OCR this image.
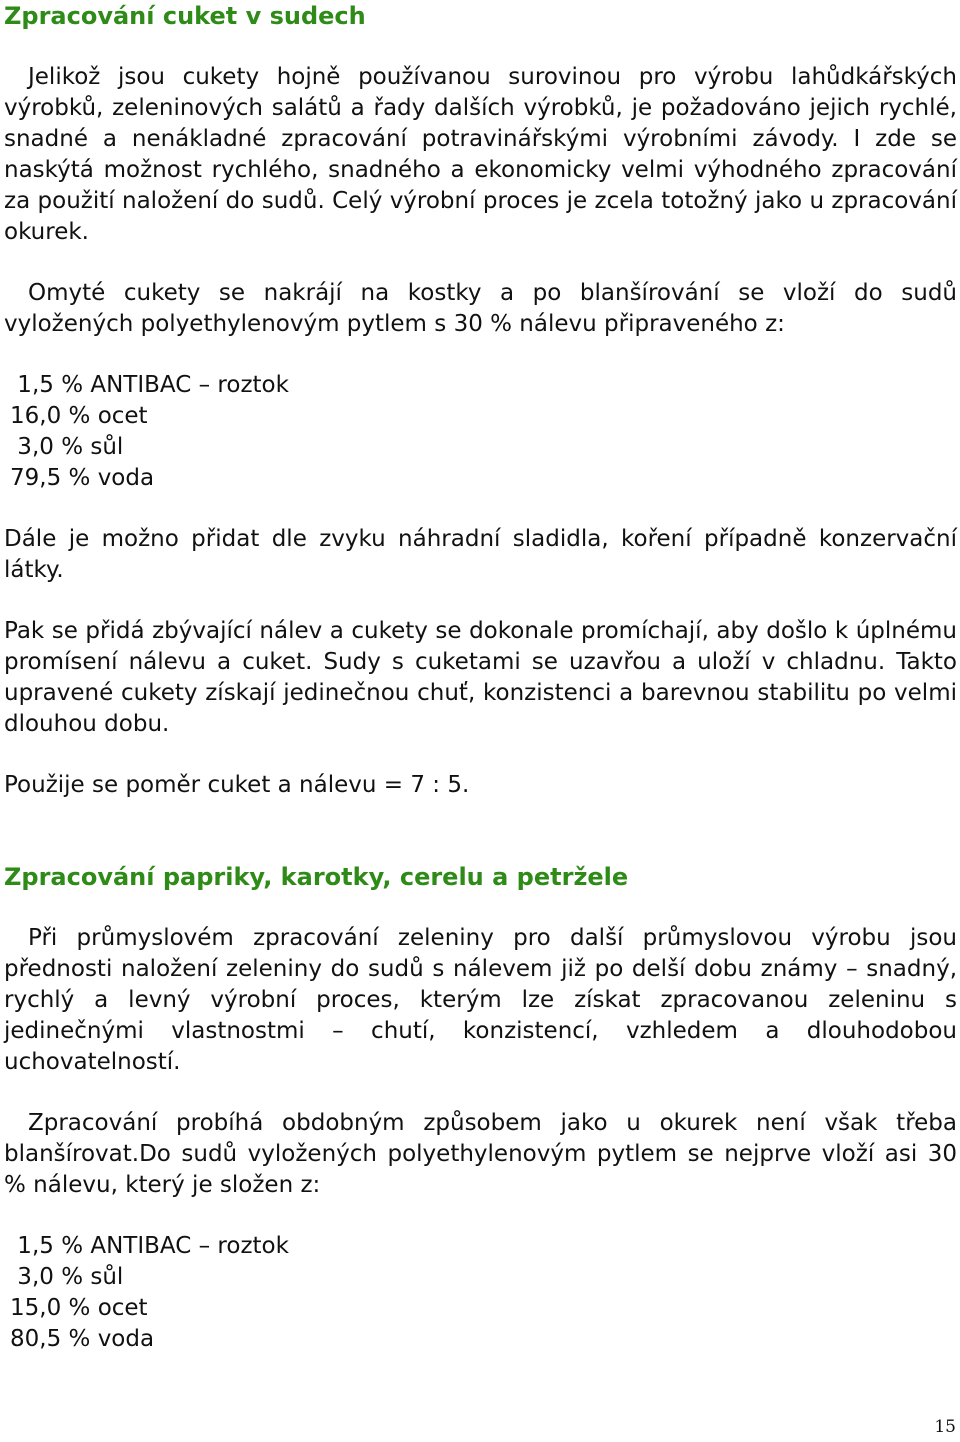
Zpracování cuket v sudech

Jelikož jsou cukety hojně používanou surovinou pro výrobu lahůdkářských výrobků, zeleninových salátů a řady dalších výrobků, je požadováno jejich rychlé, snadné a nenákladné zpracování potravinářskými výrobními závody. I zde se naskýtá možnost rychlého, snadného a ekonomicky velmi výhodného zpracování za použití naložení do sudů. Celý výrobní proces je zcela totožný jako u zpracování okurek.

Omyté cukety se nakrájí na kostky a po blanšírování se vloží do sudů vyložených polyethylenovým pytlem s 30 % nálevu připraveného z:

1,5 % ANTIBAC – roztok
16,0 % ocet
3,0 % sůl
79,5 % voda

Dále je možno přidat dle zvyku náhradní sladidla, koření případně konzervační látky.

Pak se přidá zbývající nálev a cukety se dokonale promíchají, aby došlo k úplnému promísení nálevu a cuket. Sudy s cuketami se uzavřou a uloží v chladnu. Takto upravené cukety získají jedinečnou chuť, konzistenci a barevnou stabilitu po velmi dlouhou dobu.

Použije se poměr cuket a nálevu = 7 : 5.

Zpracování papriky, karotky, cerelu a petržele

Při průmyslovém zpracování zeleniny pro další průmyslovou výrobu jsou přednosti naložení zeleniny do sudů s nálevem již po delší dobu známy – snadný, rychlý a levný výrobní proces, kterým lze získat zpracovanou zeleninu s jedinečnými vlastnostmi – chutí, konzistencí, vzhledem a dlouhodobou uchovatelností.

Zpracování probíhá obdobným způsobem jako u okurek není však třeba blanšírovat.Do sudů vyložených polyethylenovým pytlem se nejprve vloží asi 30 % nálevu, který je složen z:

1,5 % ANTIBAC – roztok
3,0 % sůl
15,0 % ocet
80,5 % voda
15
